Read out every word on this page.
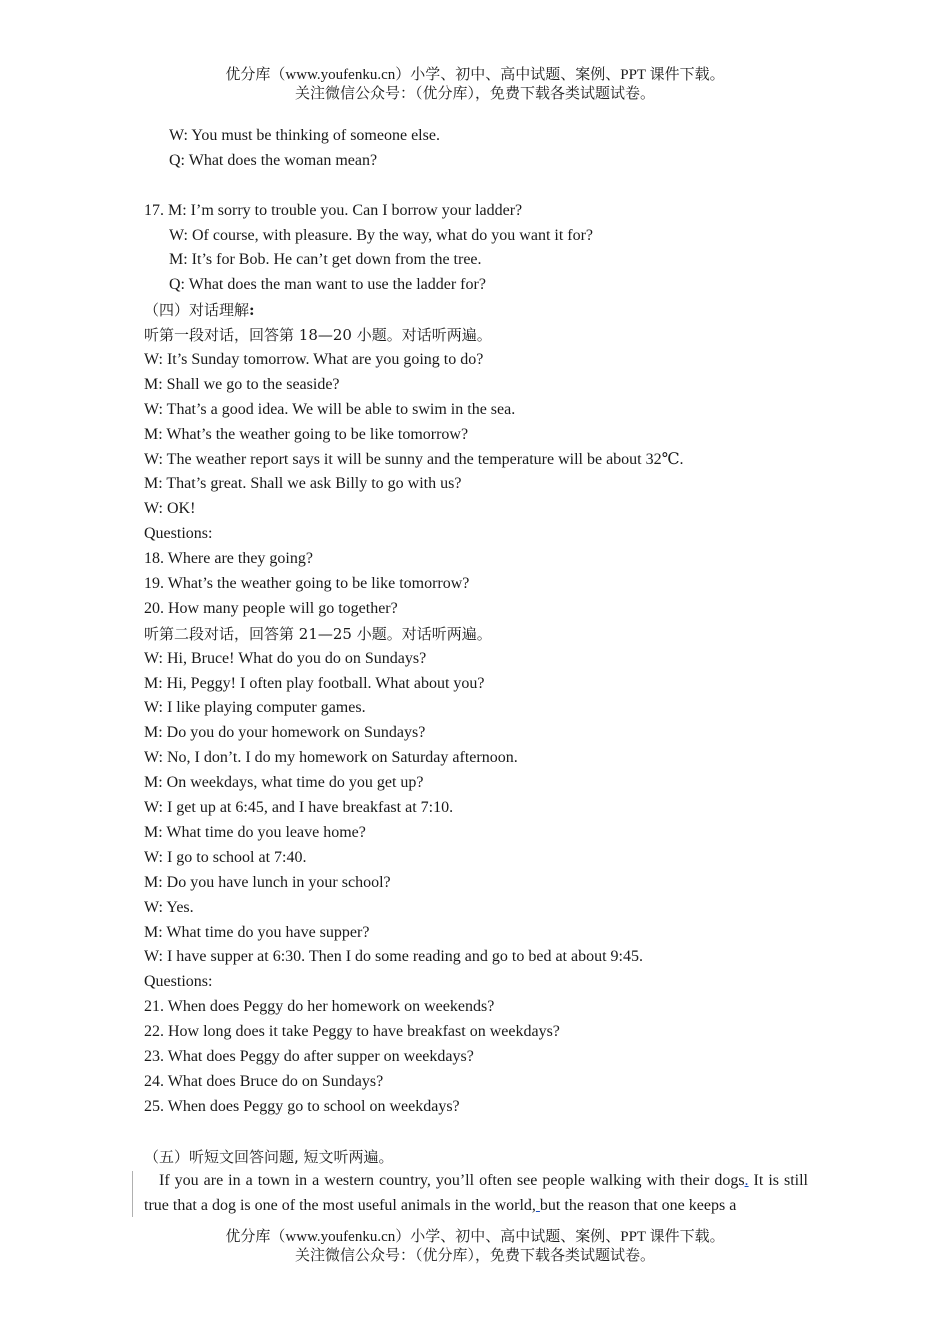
优分库（www.youfenku.cn）小学、初中、高中试题、案例、PPT 课件下载。
关注微信公众号：（优分库），免费下载各类试题试卷。
W: You must be thinking of someone else.
Q: What does the woman mean?
17. M: I’m sorry to trouble you. Can I borrow your ladder?
W: Of course, with pleasure. By the way, what do you want it for?
M: It’s for Bob. He can’t get down from the tree.
Q: What does the man want to use the ladder for?
（四）对话理解:
听第一段对话，回答第 18—20 小题。对话听两遍。
W: It’s Sunday tomorrow. What are you going to do?
M: Shall we go to the seaside?
W: That’s a good idea. We will be able to swim in the sea.
M: What’s the weather going to be like tomorrow?
W: The weather report says it will be sunny and the temperature will be about 32℃.
M: That’s great. Shall we ask Billy to go with us?
W: OK!
Questions:
18. Where are they going?
19. What’s the weather going to be like tomorrow?
20. How many people will go together?
听第二段对话，回答第 21—25 小题。对话听两遍。
W: Hi, Bruce! What do you do on Sundays?
M: Hi, Peggy! I often play football. What about you?
W: I like playing computer games.
M: Do you do your homework on Sundays?
W: No, I don’t. I do my homework on Saturday afternoon.
M: On weekdays, what time do you get up?
W: I get up at 6:45, and I have breakfast at 7:10.
M: What time do you leave home?
W: I go to school at 7:40.
M: Do you have lunch in your school?
W: Yes.
M: What time do you have supper?
W: I have supper at 6:30. Then I do some reading and go to bed at about 9:45.
Questions:
21. When does Peggy do her homework on weekends?
22. How long does it take Peggy to have breakfast on weekdays?
23. What does Peggy do after supper on weekdays?
24. What does Bruce do on Sundays?
25. When does Peggy go to school on weekdays?
（五）听短文回答问题, 短文听两遍。
If you are in a town in a western country, you’ll often see people walking with their dogs. It is still true that a dog is one of the most useful animals in the world, but the reason that one keeps a
优分库（www.youfenku.cn）小学、初中、高中试题、案例、PPT 课件下载。
关注微信公众号：（优分库），免费下载各类试题试卷。
